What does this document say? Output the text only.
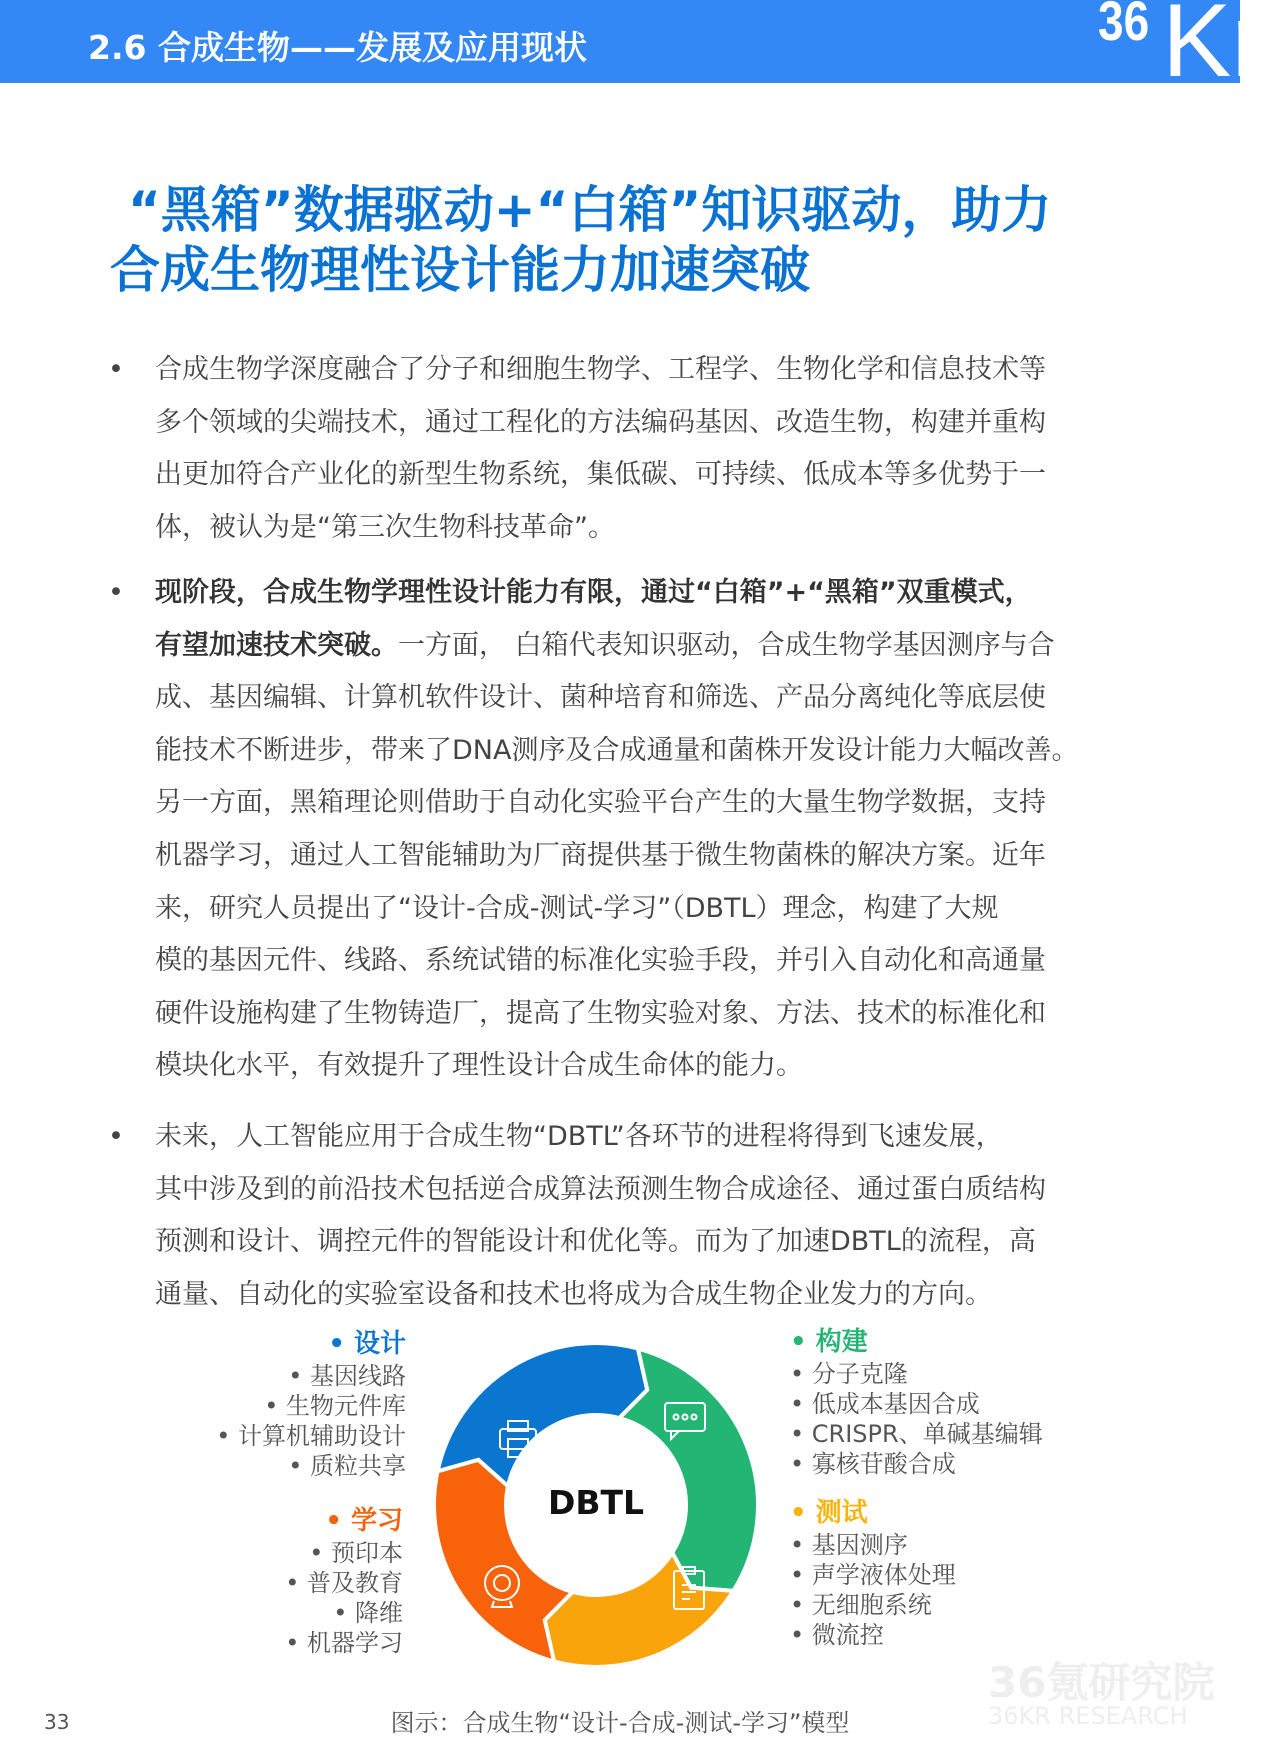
2.6 合成生物——发展及应用现状	36 Kr
“黑箱”数据驱动+“白箱”知识驱动，助力
合成生物理性设计能力加速突破
• 合成生物学深度融合了分子和细胞生物学、工程学、生物化学和信息技术等
多个领域的尖端技术，通过工程化的方法编码基因、改造生物，构建并重构
出更加符合产业化的新型生物系统，集低碳、可持续、低成本等多优势于一
体，被认为是“第三次生物科技革命”。
• 现阶段，合成生物学理性设计能力有限，通过“白箱”+“黑箱”双重模式，
有望加速技术突破。一方面， 白箱代表知识驱动，合成生物学基因测序与合
成、基因编辑、计算机软件设计、菌种培育和筛选、产品分离纯化等底层使
能技术不断进步，带来了DNA测序及合成通量和菌株开发设计能力大幅改善。
另一方面，黑箱理论则借助于自动化实验平台产生的大量生物学数据，支持
机器学习，通过人工智能辅助为厂商提供基于微生物菌株的解决方案。近年
来，研究人员提出了“设计-合成-测试-学习”（DBTL）理念，构建了大规
模的基因元件、线路、系统试错的标准化实验手段，并引入自动化和高通量
硬件设施构建了生物铸造厂，提高了生物实验对象、方法、技术的标准化和
模块化水平，有效提升了理性设计合成生命体的能力。
• 未来，人工智能应用于合成生物“DBTL”各环节的进程将得到飞速发展，
其中涉及到的前沿技术包括逆合成算法预测生物合成途径、通过蛋白质结构
预测和设计、调控元件的智能设计和优化等。而为了加速DBTL的流程，高
通量、自动化的实验室设备和技术也将成为合成生物企业发力的方向。
DBTL
• 设计
• 基因线路
• 生物元件库
• 计算机辅助设计
• 质粒共享
• 学习
• 预印本
• 普及教育
• 降维
• 机器学习
• 构建
• 分子克隆
• 低成本基因合成
• CRISPR、单碱基编辑
• 寡核苷酸合成
• 测试
• 基因测序
• 声学液体处理
• 无细胞系统
• 微流控
图示：合成生物“设计-合成-测试-学习”模型
33
36氪研究院
36KR RESEARCH
